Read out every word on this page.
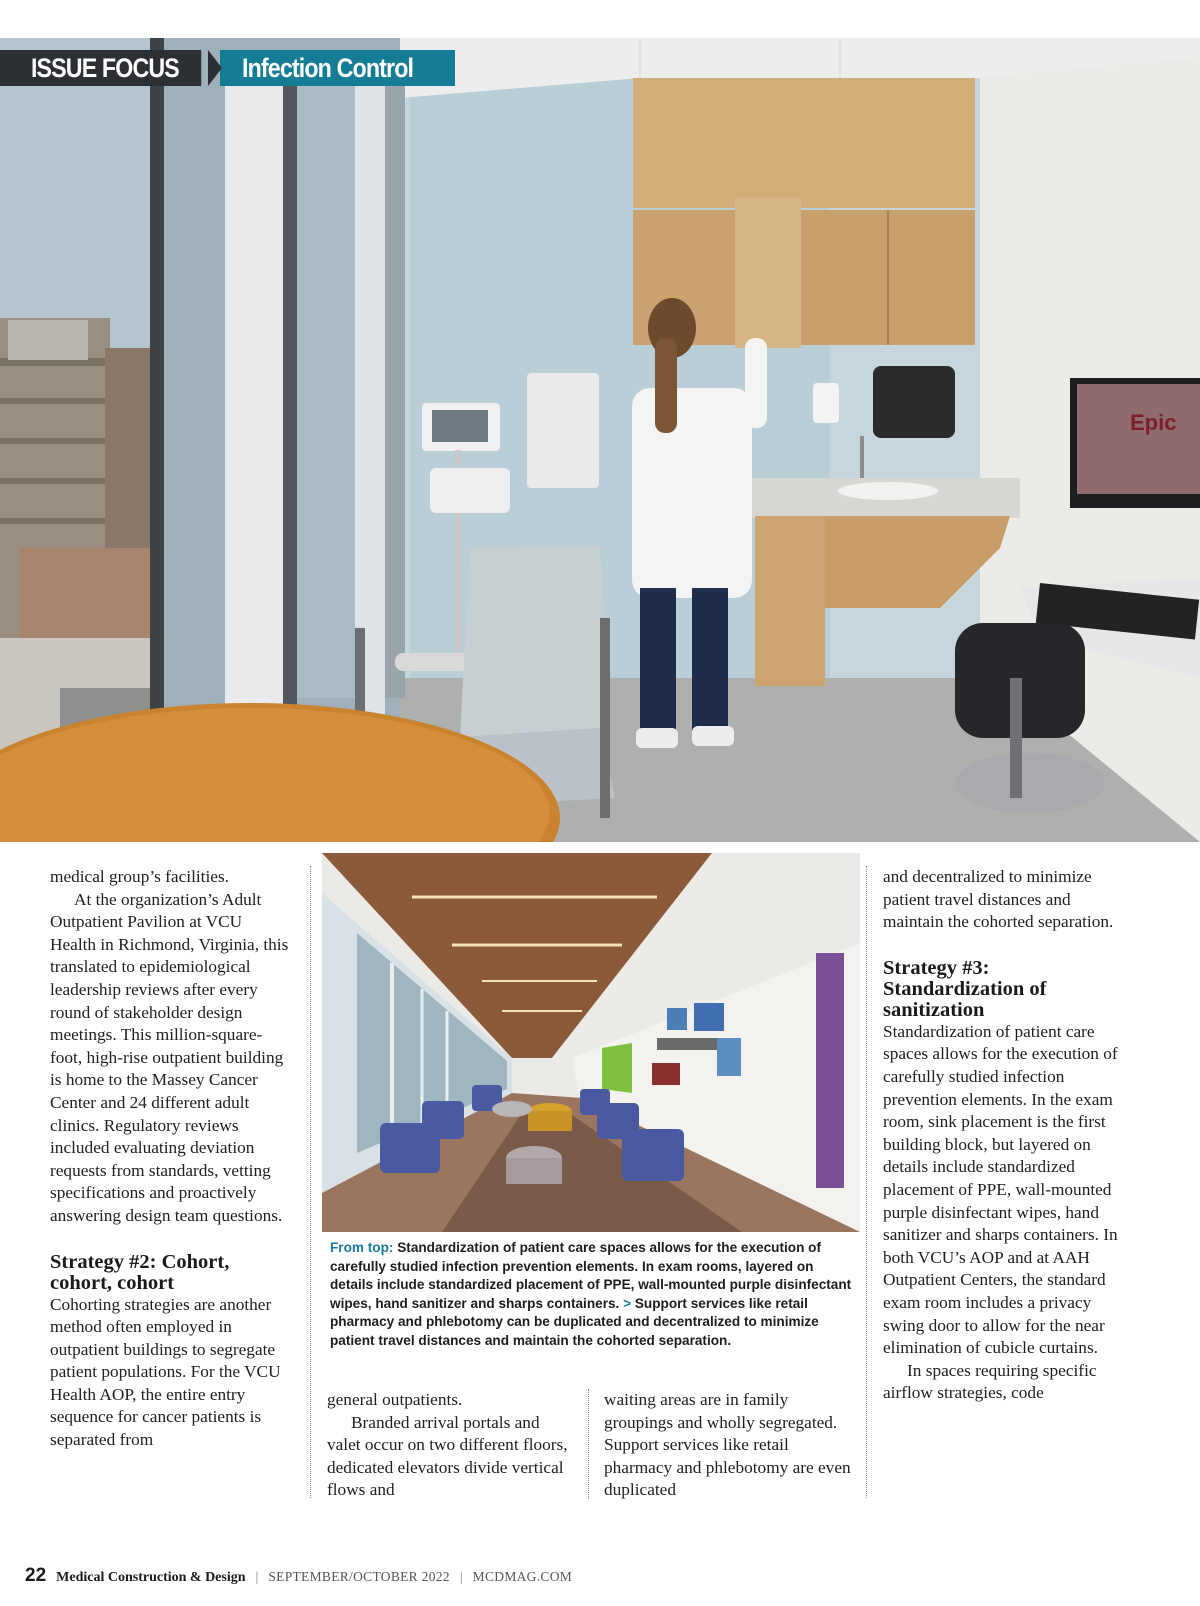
Epic
ISSUE FOCUS	Infection Control

medical group’s facilities.

At the organization’s Adult Outpatient Pavilion at VCU Health in Richmond, Virginia, this translated to epidemiological leadership reviews after every round of stakeholder design meetings. This million-square-foot, high-rise outpatient building is home to the Massey Cancer Center and 24 different adult clinics. Regulatory reviews included evaluating deviation requests from standards, vetting specifications and proactively answering design team questions.

Strategy #2: Cohort, cohort, cohort

Cohorting strategies are another method often employed in outpatient buildings to segregate patient populations. For the VCU Health AOP, the entire entry sequence for cancer patients is separated from

From top: Standardization of patient care spaces allows for the execution of carefully studied infection prevention elements. In exam rooms, layered on details include standardized placement of PPE, wall-mounted purple disinfectant wipes, hand sanitizer and sharps containers. > Support services like retail pharmacy and phlebotomy can be duplicated and decentralized to minimize patient travel distances and maintain the cohorted separation.

general outpatients.

Branded arrival portals and valet occur on two different floors, dedicated elevators divide vertical flows and

waiting areas are in family groupings and wholly segregated. Support services like retail pharmacy and phlebotomy are even duplicated

and decentralized to minimize patient travel distances and maintain the cohorted separation.

Strategy #3: Standardization of sanitization

Standardization of patient care spaces allows for the execution of carefully studied infection prevention elements. In the exam room, sink placement is the first building block, but layered on details include standardized placement of PPE, wall-mounted purple disinfectant wipes, hand sanitizer and sharps containers. In both VCU’s AOP and at AAH Outpatient Centers, the standard exam room includes a privacy swing door to allow for the near elimination of cubicle curtains.

In spaces requiring specific airflow strategies, code

22 Medical Construction & Design | SEPTEMBER/OCTOBER 2022 | MCDMAG.COM
